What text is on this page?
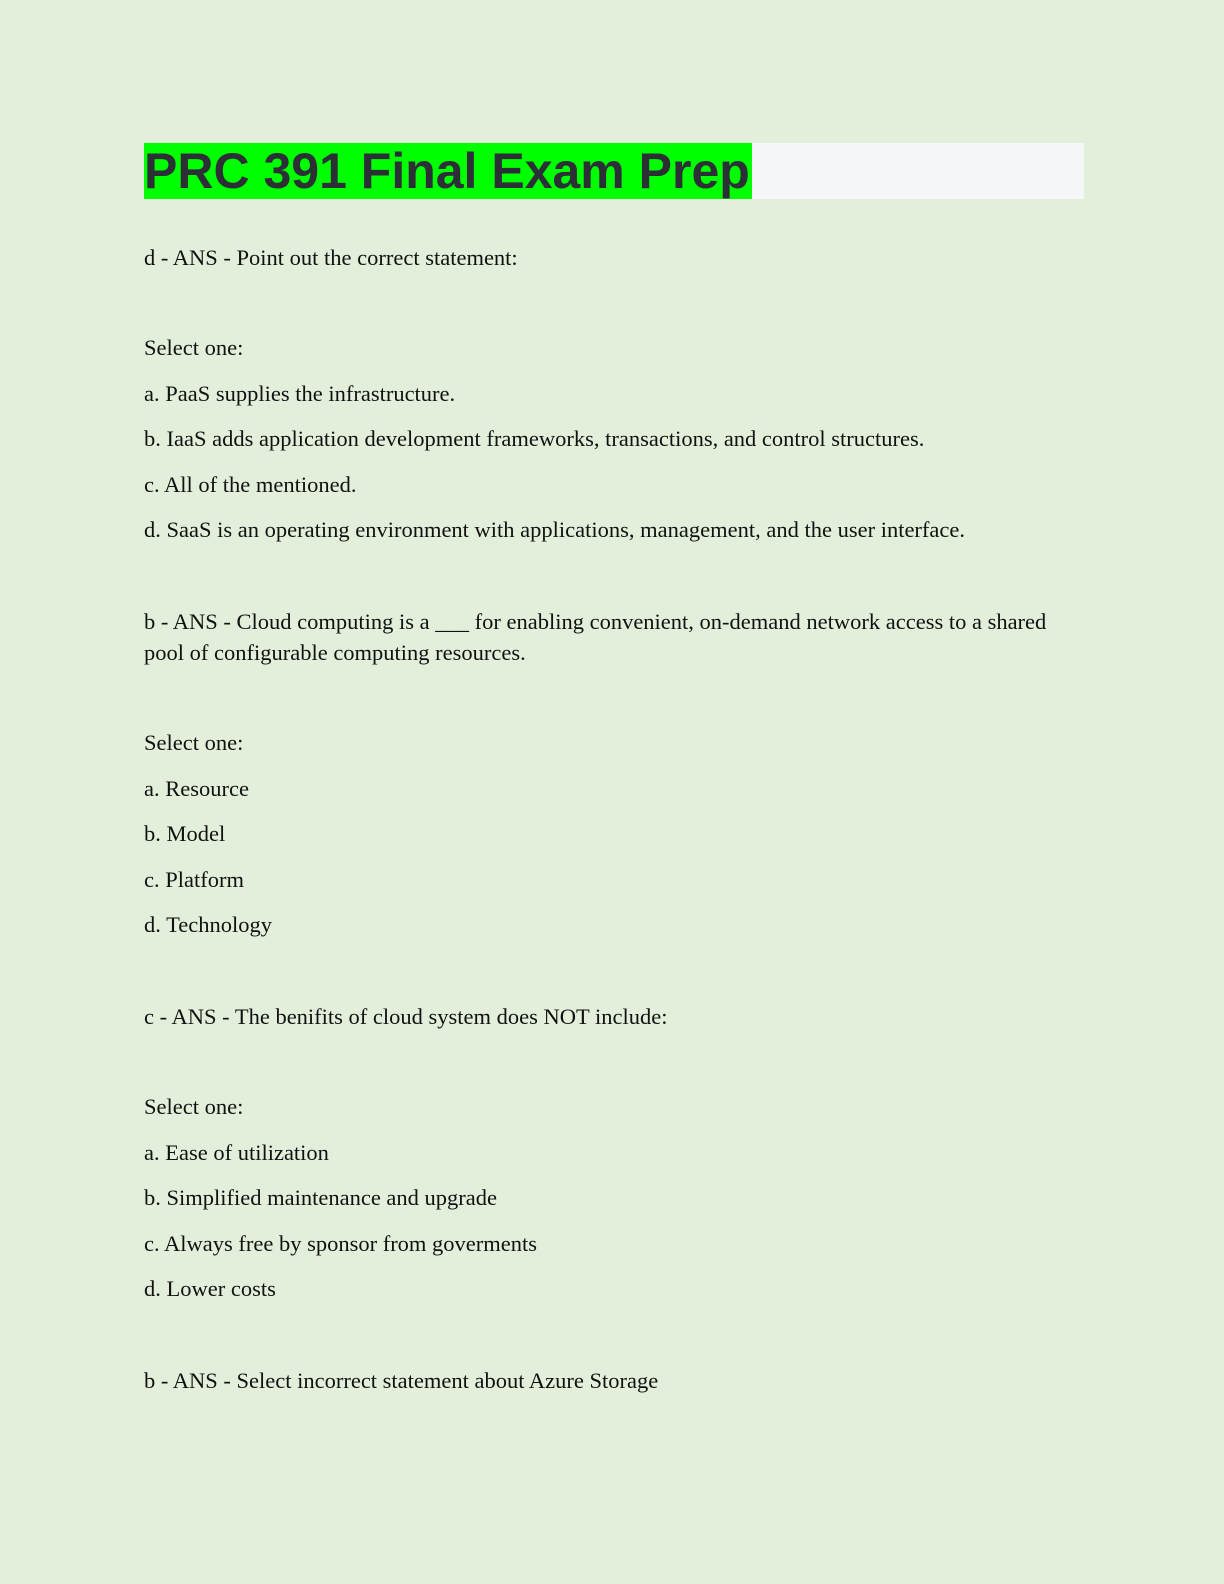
PRC 391 Final Exam Prep

d - ANS - Point out the correct statement:

Select one:

a. PaaS supplies the infrastructure.

b. IaaS adds application development frameworks, transactions, and control structures.

c. All of the mentioned.

d. SaaS is an operating environment with applications, management, and the user interface.

b - ANS - Cloud computing is a ___ for enabling convenient, on-demand network access to a shared pool of configurable computing resources.

Select one:

a. Resource

b. Model

c. Platform

d. Technology

c - ANS - The benifits of cloud system does NOT include:

Select one:

a. Ease of utilization

b. Simplified maintenance and upgrade

c. Always free by sponsor from goverments

d. Lower costs

b - ANS - Select incorrect statement about Azure Storage
